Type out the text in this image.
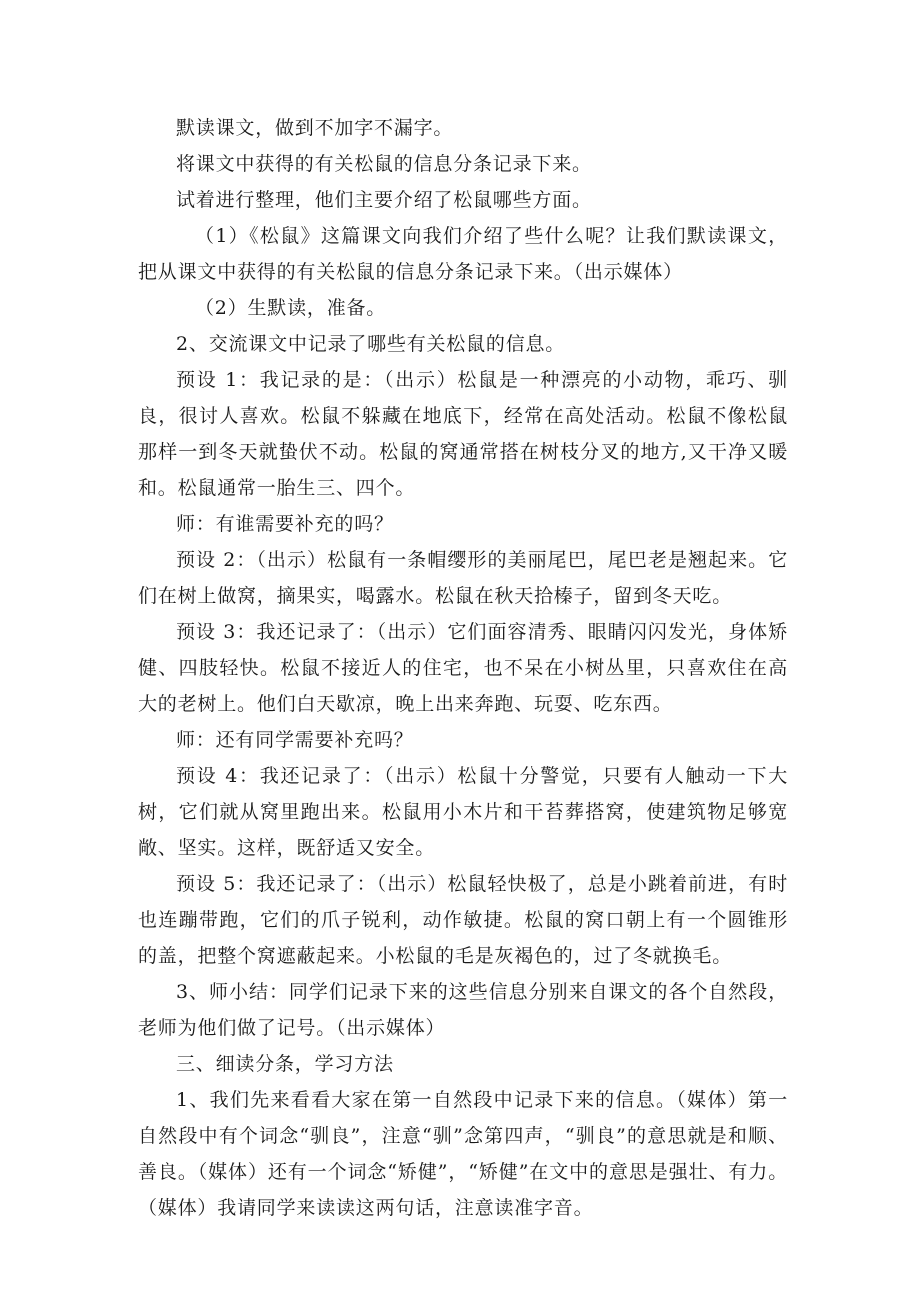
默读课文，做到不加字不漏字。

将课文中获得的有关松鼠的信息分条记录下来。

试着进行整理，他们主要介绍了松鼠哪些方面。

（1）《松鼠》这篇课文向我们介绍了些什么呢？让我们默读课文，把从课文中获得的有关松鼠的信息分条记录下来。（出示媒体）

（2）生默读，准备。

2、交流课文中记录了哪些有关松鼠的信息。

预设 1：我记录的是：（出示）松鼠是一种漂亮的小动物，乖巧、驯良，很讨人喜欢。松鼠不躲藏在地底下，经常在高处活动。松鼠不像松鼠那样一到冬天就蛰伏不动。松鼠的窝通常搭在树枝分叉的地方,又干净又暖和。松鼠通常一胎生三、四个。

师：有谁需要补充的吗？

预设 2：（出示）松鼠有一条帽缨形的美丽尾巴，尾巴老是翘起来。它们在树上做窝，摘果实，喝露水。松鼠在秋天拾榛子，留到冬天吃。

预设 3：我还记录了：（出示）它们面容清秀、眼睛闪闪发光，身体矫健、四肢轻快。松鼠不接近人的住宅，也不呆在小树丛里，只喜欢住在高大的老树上。他们白天歇凉，晚上出来奔跑、玩耍、吃东西。

师：还有同学需要补充吗？

预设 4：我还记录了：（出示）松鼠十分警觉，只要有人触动一下大树，它们就从窝里跑出来。松鼠用小木片和干苔葬搭窝，使建筑物足够宽敞、坚实。这样，既舒适又安全。

预设 5：我还记录了：（出示）松鼠轻快极了，总是小跳着前进，有时也连蹦带跑，它们的爪子锐利，动作敏捷。松鼠的窝口朝上有一个圆锥形的盖，把整个窝遮蔽起来。小松鼠的毛是灰褐色的，过了冬就换毛。

3、师小结：同学们记录下来的这些信息分别来自课文的各个自然段，老师为他们做了记号。（出示媒体）

三、细读分条，学习方法

1、我们先来看看大家在第一自然段中记录下来的信息。（媒体）第一自然段中有个词念“驯良”，注意“驯”念第四声，“驯良”的意思就是和顺、善良。（媒体）还有一个词念“矫健”，“矫健”在文中的意思是强壮、有力。（媒体）我请同学来读读这两句话，注意读准字音。
